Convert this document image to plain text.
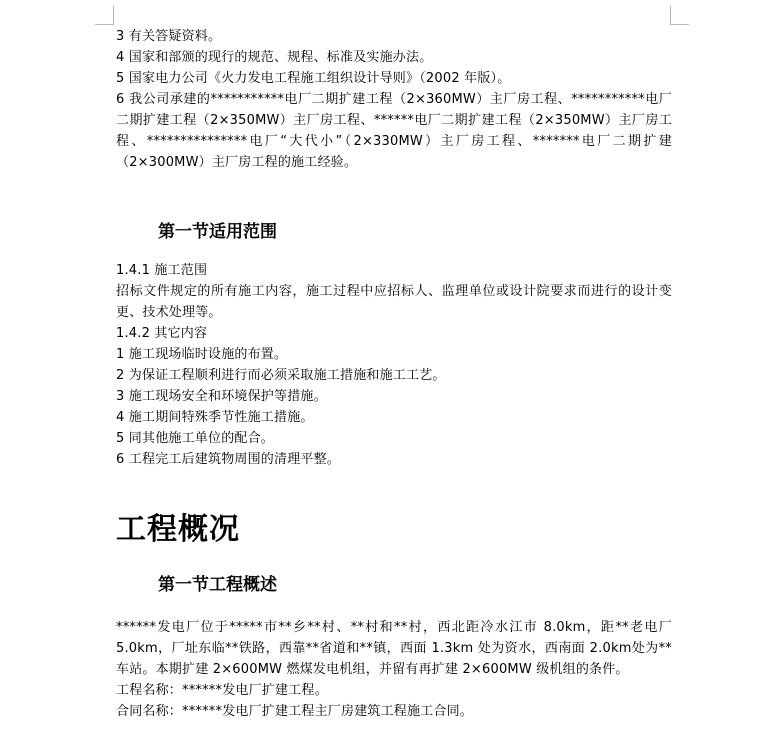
3 有关答疑资料。
4 国家和部颁的现行的规范、规程、标准及实施办法。
5 国家电力公司《火力发电工程施工组织设计导则》（2002 年版）。
6 我公司承建的***********电厂二期扩建工程（2×360MW）主厂房工程、***********电厂二期扩建工程（2×350MW）主厂房工程、******电厂二期扩建工程（2×350MW）主厂房工程、***************电厂“大代小”（2×330MW）主厂房工程、*******电厂二期扩建（2×300MW）主厂房工程的施工经验。
第一节适用范围
1.4.1 施工范围
招标文件规定的所有施工内容，施工过程中应招标人、监理单位或设计院要求而进行的设计变更、技术处理等。
1.4.2 其它内容
1 施工现场临时设施的布置。
2 为保证工程顺利进行而必须采取施工措施和施工工艺。
3 施工现场安全和环境保护等措施。
4 施工期间特殊季节性施工措施。
5 同其他施工单位的配合。
6 工程完工后建筑物周围的清理平整。
工程概况
第一节工程概述
******发电厂位于*****市**乡**村、**村和**村，西北距冷水江市 8.0km，距**老电厂5.0km，厂址东临**铁路，西靠**省道和**镇，西面 1.3km 处为资水，西南面 2.0km处为**车站。本期扩建 2×600MW 燃煤发电机组，并留有再扩建 2×600MW 级机组的条件。
工程名称：******发电厂扩建工程。
合同名称：******发电厂扩建工程主厂房建筑工程施工合同。
